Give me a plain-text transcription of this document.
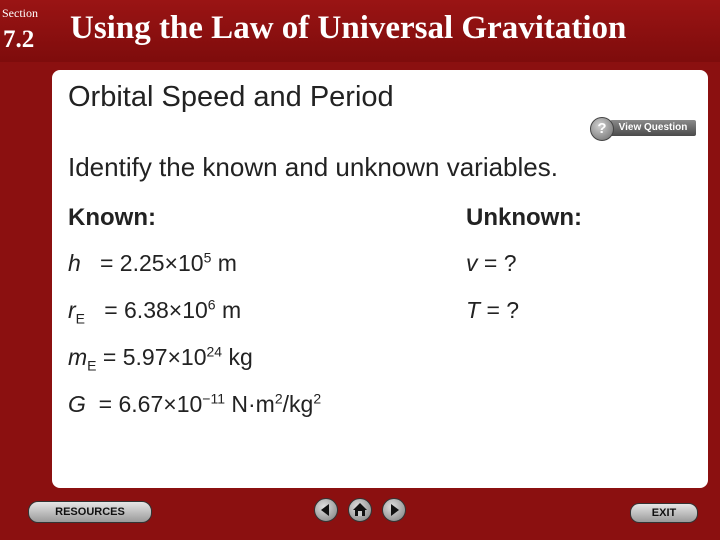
Section
7.2 Using the Law of Universal Gravitation
Orbital Speed and Period
View Question
?
Identify the known and unknown variables.
Known:	Unknown:
$h = 2.25\times 10^5$ m
$r_E = 6.38\times 10^6$ m
$m_E = 5.97\times 10^{24}$ kg
$G = 6.67\times 10^{-11}$ $N\cdot m^2/kg^2$
v = ?
T = ?
RESOURCES	EXIT
